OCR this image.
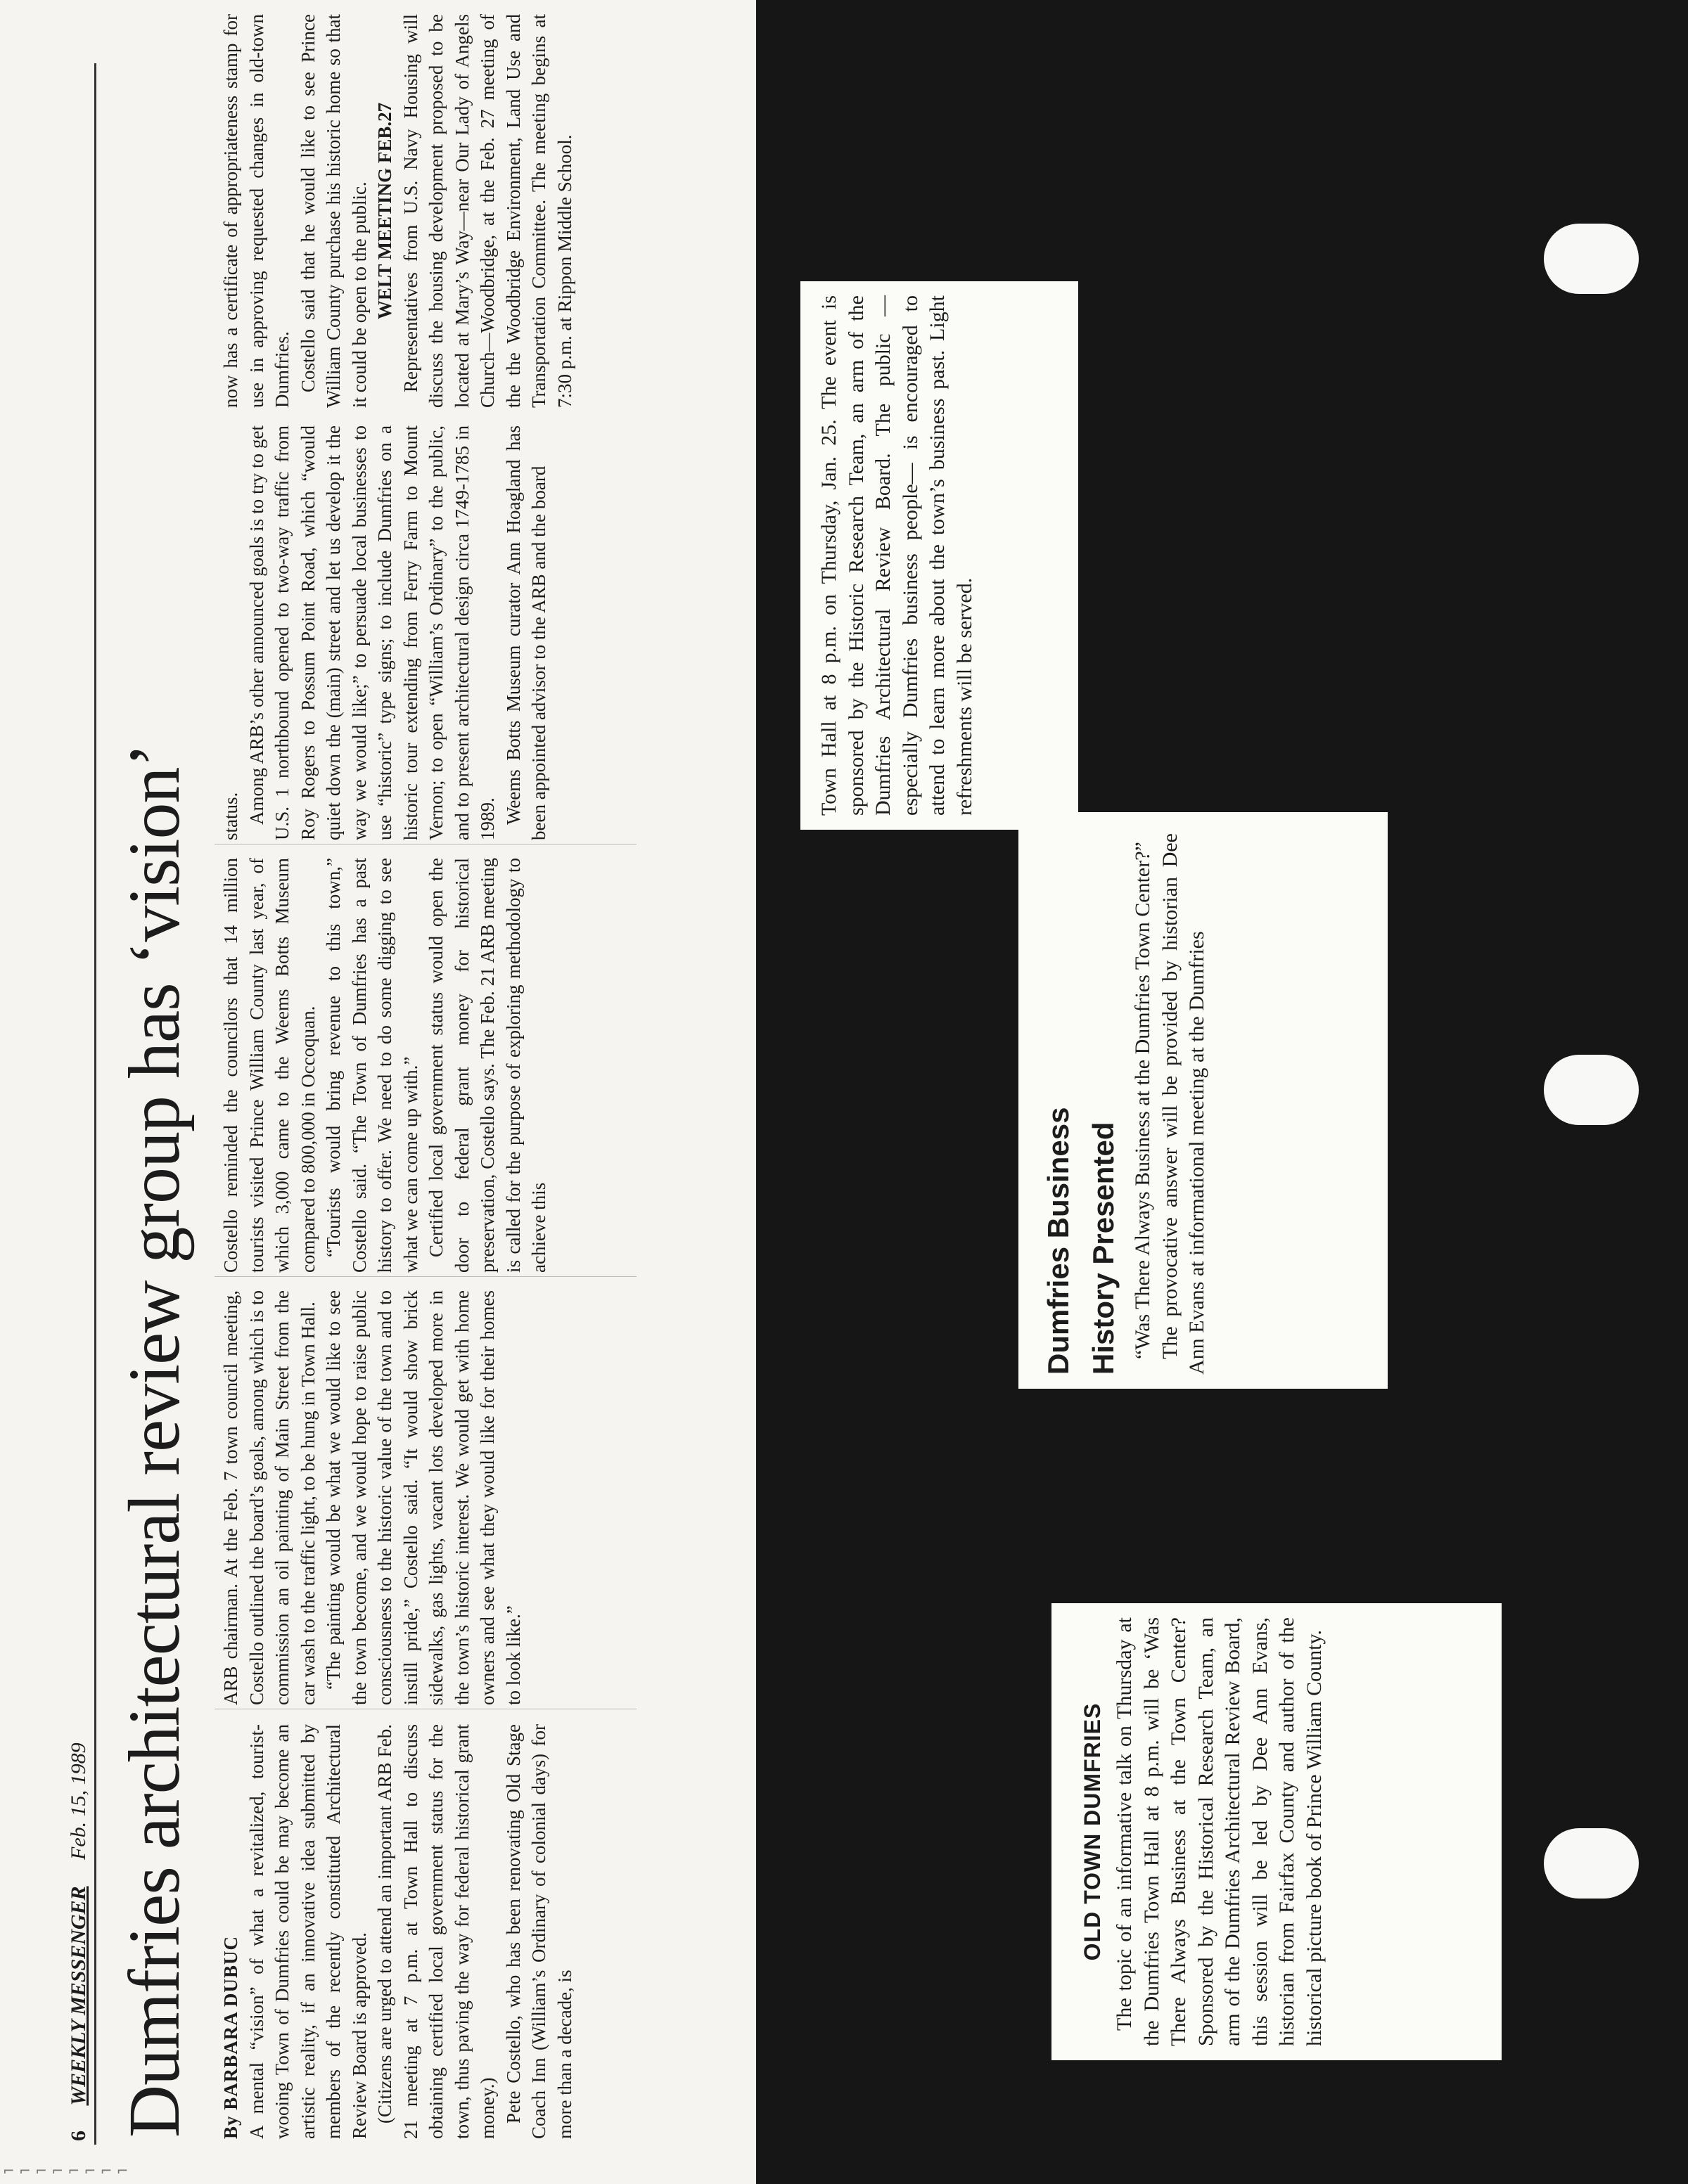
⌐ ⌐ ⌐ ⌐ ⌐ ⌐ ⌐ ⌐
6 WEEKLY MESSENGER Feb. 15, 1989 Dumfries architectural review group has ‘vision’ By BARBARA DUBUC A mental “vision” of what a revitalized, tourist-wooing Town of Dumfries could be may become an artistic reality, if an innovative idea submitted by members of the recently constituted Architectural Review Board is approved. (Citizens are urged to attend an important ARB Feb. 21 meeting at 7 p.m. at Town Hall to discuss obtaining certified local government status for the town, thus paving the way for federal historical grant money.) Pete Costello, who has been renovating Old Stage Coach Inn (William’s Ordinary of colonial days) for more than a decade, is

ARB chairman. At the Feb. 7 town council meeting, Costello outlined the board’s goals, among which is to commission an oil painting of Main Street from the car wash to the traffic light, to be hung in Town Hall. “The painting would be what we would like to see the town become, and we would hope to raise public consciousness to the historic value of the town and to instill pride,” Costello said. “It would show brick sidewalks, gas lights, vacant lots developed more in the town’s historic interest. We would get with home owners and see what they would like for their homes to look like.”

Costello reminded the councilors that 14 million tourists visited Prince William County last year, of which 3,000 came to the Weems Botts Museum compared to 800,000 in Occoquan. “Tourists would bring revenue to this town,” Costello said. “The Town of Dumfries has a past history to offer. We need to do some digging to see what we can come up with.” Certified local government status would open the door to federal grant money for historical preservation, Costello says. The Feb. 21 ARB meeting is called for the purpose of exploring methodology to achieve this

status. Among ARB’s other announced goals is to try to get U.S. 1 northbound opened to two-way traffic from Roy Rogers to Possum Point Road, which “would quiet down the (main) street and let us develop it the way we would like;” to persuade local businesses to use “historic” type signs; to include Dumfries on a historic tour extending from Ferry Farm to Mount Vernon; to open “William’s Ordinary” to the public, and to present architectural design circa 1749-1785 in 1989. Weems Botts Museum curator Ann Hoagland has been appointed advisor to the ARB and the board

now has a certificate of appropriateness stamp for use in approving requested changes in old-town Dumfries. Costello said that he would like to see Prince William County purchase his historic home so that it could be open to the public. WELT MEETING FEB.27 Representatives from U.S. Navy Housing will discuss the housing development proposed to be located at Mary’s Way—near Our Lady of Angels Church—Woodbridge, at the Feb. 27 meeting of the the Woodbridge Environment, Land Use and Transportation Committee. The meeting begins at 7:30 p.m. at Rippon Middle School.

Town Hall at 8 p.m. on Thursday, Jan. 25. The event is sponsored by the Historic Research Team, an arm of the Dumfries Architectural Review Board. The public —especially Dumfries business people— is encouraged to attend to learn more about the town’s business past. Light refreshments will be served.
Dumfries Business History Presented “Was There Always Business at the Dumfries Town Center?” The provocative answer will be provided by historian Dee Ann Evans at informational meeting at the Dumfries

OLD TOWN DUMFRIES The topic of an informative talk on Thursday at the Dumfries Town Hall at 8 p.m. will be ‘Was There Always Business at the Town Center? Sponsored by the Historical Research Team, an arm of the Dumfries Architectural Review Board, this session will be led by Dee Ann Evans, historian from Fairfax County and author of the historical picture book of Prince William County.
